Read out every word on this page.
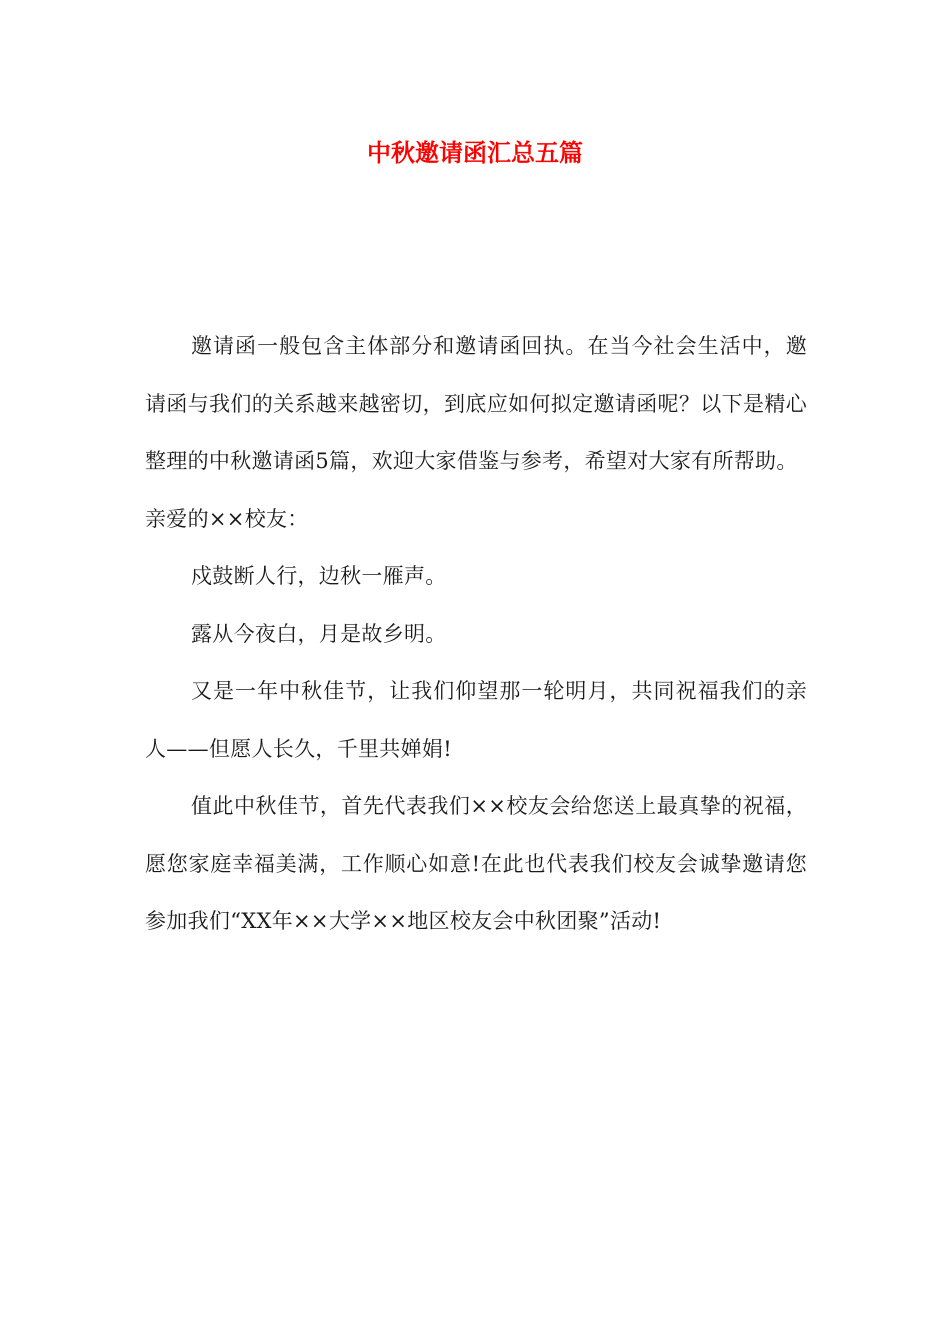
中秋邀请函汇总五篇

邀请函一般包含主体部分和邀请函回执。在当今社会生活中，邀请函与我们的关系越来越密切，到底应如何拟定邀请函呢？以下是精心整理的中秋邀请函5篇，欢迎大家借鉴与参考，希望对大家有所帮助。

亲爱的××校友：

戍鼓断人行，边秋一雁声。

露从今夜白，月是故乡明。

又是一年中秋佳节，让我们仰望那一轮明月，共同祝福我们的亲人——但愿人长久，千里共婵娟!

值此中秋佳节，首先代表我们××校友会给您送上最真挚的祝福，愿您家庭幸福美满，工作顺心如意!在此也代表我们校友会诚挚邀请您参加我们“XX年××大学××地区校友会中秋团聚”活动!
